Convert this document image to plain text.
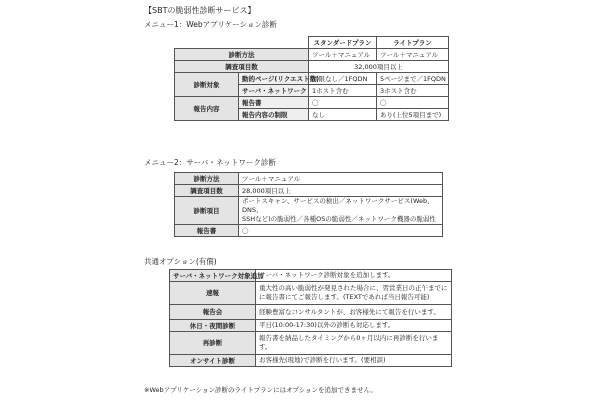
【SBTの脆弱性診断サービス】
メニュー1：Webアプリケーション診断
		スタンダードプラン	ライトプラン
診断方法		ツール＋マニュアル	ツール＋マニュアル
調査項目数		32,000項目以上	
診断対象	動的ページ(リクエスト数)	制限なし／1FQDN	5ページまで／1FQDN
	サーバ・ネットワーク	1ホスト含む	3ホスト含む
報告内容	報告書	〇	〇
	報告内容の制限	なし	あり(上位5項目まで)
メニュー2：サーバ・ネットワーク診断
診断方法	ツール＋マニュアル
調査項目数	28,000項目以上
診断項目	ポートスキャン、サービスの検出／ネットワークサービス(Web、DNS、
SSHなど)の脆弱性／各種OSの脆弱性／ネットワーク機器の脆弱性

報告書	〇
共通オプション(有償)
サーバ・ネットワーク対象追加	サーバ・ネットワーク診断対象を追加します。

速報	重大性の高い脆弱性が発見された場合に、習営業日の正午までに
に報告書にてご報告します。(TEXTであれば当日報告可能)

報告会	経験豊富なコンサルタントが、お客様先にて報告を行います。

休日・夜間診断	平日(10:00-17:30)以外の診断も対応します。

再診断	報告書を納品したタイミングから0ヶ月以内に再診断を行いま
す。

オンサイト診断	お客様先(現地)で診断を行います。(要相談)
※Webアプリケーション診断のライトプランにはオプションを追加できません。
